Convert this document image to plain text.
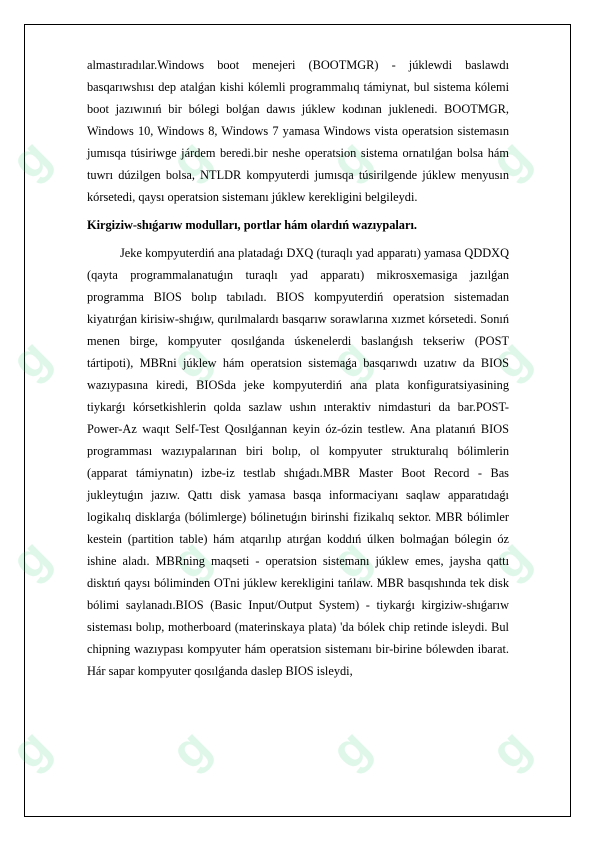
g g g g
g g g g
g g g g
g g g g

almastıradılar.Windows boot menejeri (BOOTMGR) - júklewdi baslawdı basqarıwshısı dep atalǵan kishi kólemli programmalıq támiynat, bul sistema kólemi boot jazıwınıń bir bólegi bolǵan dawıs júklew kodınan juklenedi. BOOTMGR, Windows 10, Windows 8, Windows 7 yamasa Windows vista operatsion sistemasın jumısqa túsiriwge járdem beredi.bir neshe operatsion sistema ornatılǵan bolsa hám tuwrı dúzilgen bolsa, NTLDR kompyuterdi jumısqa túsirilgende júklew menyusın kórsetedi, qaysı operatsion sistemanı júklew kerekligini belgileydi.

Kirgiziw-shıǵarıw modulları, portlar hám olardıń wazıypaları.

Jeke kompyuterdiń ana platadaǵı DXQ (turaqlı yad apparatı) yamasa QDDXQ (qayta programmalanatuǵın turaqlı yad apparatı) mikrosxemasiga jazılǵan programma BIOS bolıp tabıladı. BIOS kompyuterdiń operatsion sistemadan kiyatırǵan kirisiw-shıǵıw, qurılmalardı basqarıw sorawlarına xızmet kórsetedi. Sonıń menen birge, kompyuter qosılǵanda úskenelerdi baslanǵısh tekseriw (POST tártipoti), MBRni júklew hám operatsion sistemaǵa basqarıwdı uzatıw da BIOS wazıypasına kiredi, BIOSda jeke kompyuterdiń ana plata konfiguratsiyasining tiykarǵı kórsetkishlerin qolda sazlaw ushın ınteraktiv nimdasturi da bar.POST-Power-Az waqıt Self-Test Qosılǵannan keyin óz-ózin testlew. Ana platanıń BIOS programması wazıypalarınan biri bolıp, ol kompyuter strukturalıq bólimlerin (apparat támiynatın) izbe-iz testlab shıǵadı.MBR Master Boot Record - Bas jukleytuǵın jazıw. Qattı disk yamasa basqa informaciyanı saqlaw apparatıdaǵı logikalıq disklarǵa (bólimlerge) bólinetuǵın birinshi fizikalıq sektor. MBR bólimler kestein (partition table) hám atqarılıp atırǵan koddıń úlken bolmaǵan bólegin óz ishine aladı. MBRning maqseti - operatsion sistemanı júklew emes, jaysha qattı disktıń qaysı bóliminden OTni júklew kerekligini tańlaw. MBR basqıshında tek disk bólimi saylanadı.BIOS (Basic Input/Output System) - tiykarǵı kirgiziw-shıǵarıw sisteması bolıp, motherboard (materinskaya plata) 'da bólek chip retinde isleydi. Bul chipning wazıypası kompyuter hám operatsion sistemanı bir-birine bólewden ibarat. Hár sapar kompyuter qosılǵanda daslep BIOS isleydi,
